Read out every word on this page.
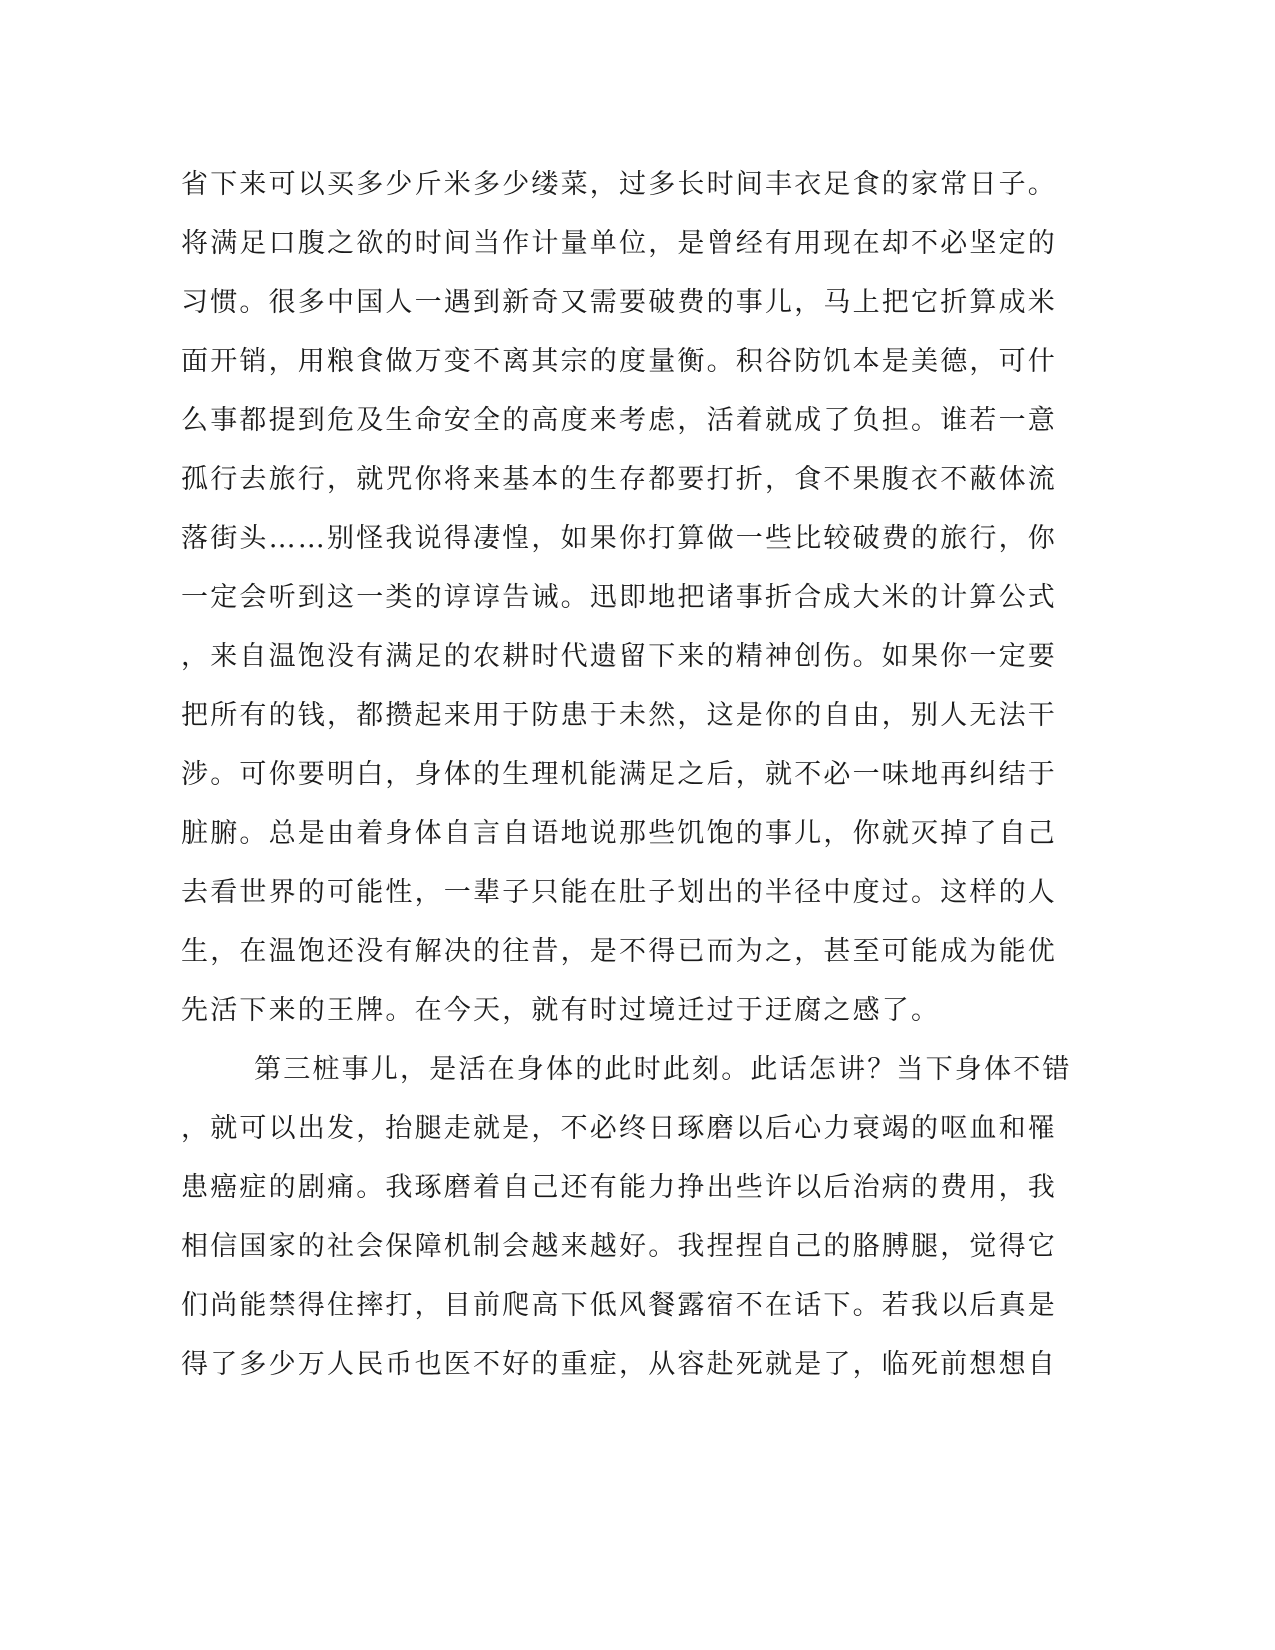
省下来可以买多少斤米多少缕菜，过多长时间丰衣足食的家常日子。
将满足口腹之欲的时间当作计量单位，是曾经有用现在却不必坚定的
习惯。很多中国人一遇到新奇又需要破费的事儿，马上把它折算成米
面开销，用粮食做万变不离其宗的度量衡。积谷防饥本是美德，可什
么事都提到危及生命安全的高度来考虑，活着就成了负担。谁若一意
孤行去旅行，就咒你将来基本的生存都要打折，食不果腹衣不蔽体流
落街头……别怪我说得凄惶，如果你打算做一些比较破费的旅行，你
一定会听到这一类的谆谆告诫。迅即地把诸事折合成大米的计算公式
，来自温饱没有满足的农耕时代遗留下来的精神创伤。如果你一定要
把所有的钱，都攒起来用于防患于未然，这是你的自由，别人无法干
涉。可你要明白，身体的生理机能满足之后，就不必一味地再纠结于
脏腑。总是由着身体自言自语地说那些饥饱的事儿，你就灭掉了自己
去看世界的可能性，一辈子只能在肚子划出的半径中度过。这样的人
生，在温饱还没有解决的往昔，是不得已而为之，甚至可能成为能优
先活下来的王牌。在今天，就有时过境迁过于迂腐之感了。
第三桩事儿，是活在身体的此时此刻。此话怎讲？当下身体不错
，就可以出发，抬腿走就是，不必终日琢磨以后心力衰竭的呕血和罹
患癌症的剧痛。我琢磨着自己还有能力挣出些许以后治病的费用，我
相信国家的社会保障机制会越来越好。我捏捏自己的胳膊腿，觉得它
们尚能禁得住摔打，目前爬高下低风餐露宿不在话下。若我以后真是
得了多少万人民币也医不好的重症，从容赴死就是了，临死前想想自
